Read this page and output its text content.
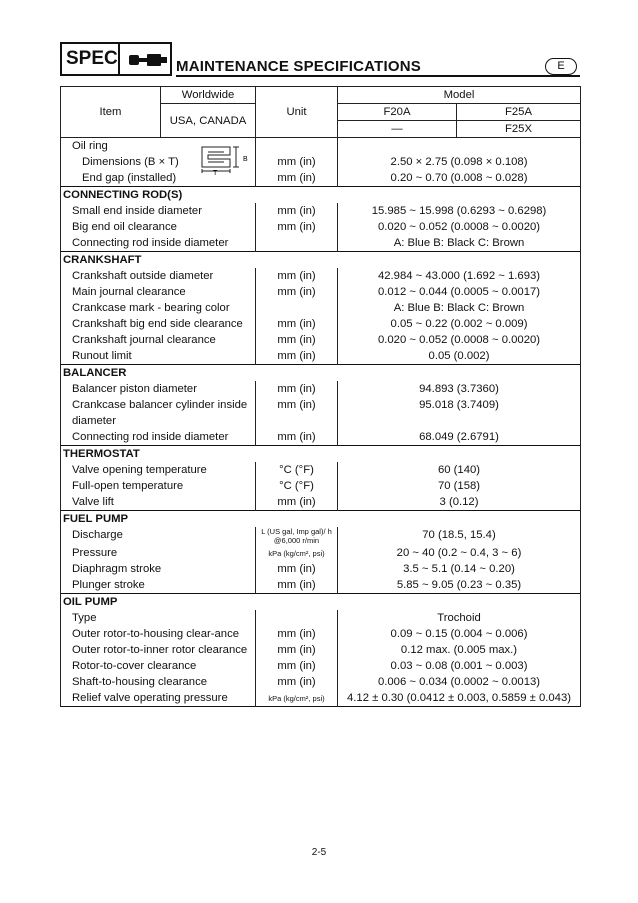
SPEC	MAINTENANCE SPECIFICATIONS	E
Item	Worldwide	Unit	Model	
	USA, CANADA		F20A	F25A
			—	F25X
Oil ring				
Dimensions (B × T)		mm (in)	2.50 × 2.75 (0.098 × 0.108)	
End gap (installed)		mm (in)	0.20 ~ 0.70 (0.008 ~ 0.028)	
CONNECTING ROD(S)				
Small end inside diameter		mm (in)	15.985 ~ 15.998 (0.6293 ~ 0.6298)	
Big end oil clearance		mm (in)	0.020 ~ 0.052 (0.0008 ~ 0.0020)	
Connecting rod inside diameter			A: Blue B: Black C: Brown	
CRANKSHAFT				
Crankshaft outside diameter		mm (in)	42.984 ~ 43.000 (1.692 ~ 1.693)	
Main journal clearance		mm (in)	0.012 ~ 0.044 (0.0005 ~ 0.0017)	
Crankcase mark - bearing color			A: Blue B: Black C: Brown	
Crankshaft big end side clearance		mm (in)	0.05 ~ 0.22 (0.002 ~ 0.009)	
Crankshaft journal clearance		mm (in)	0.020 ~ 0.052 (0.0008 ~ 0.0020)	
Runout limit		mm (in)	0.05 (0.002)	
BALANCER				
Balancer piston diameter		mm (in)	94.893 (3.7360)	
Crankcase balancer cylinder inside diameter		mm (in)	95.018 (3.7409)	
Connecting rod inside diameter		mm (in)	68.049 (2.6791)	
THERMOSTAT				
Valve opening temperature		°C (°F)	60 (140)	
Full-open temperature		°C (°F)	70 (158)	
Valve lift		mm (in)	3 (0.12)	
FUEL PUMP				
Discharge		L (US gal, Imp gal)/ h @6,000 r/min	70 (18.5, 15.4)	
Pressure		kPa (kg/cm², psi)	20 ~ 40 (0.2 ~ 0.4, 3 ~ 6)	
Diaphragm stroke		mm (in)	3.5 ~ 5.1 (0.14 ~ 0.20)	
Plunger stroke		mm (in)	5.85 ~ 9.05 (0.23 ~ 0.35)	
OIL PUMP				
Type			Trochoid	
Outer rotor-to-housing clear-ance		mm (in)	0.09 ~ 0.15 (0.004 ~ 0.006)	
Outer rotor-to-inner rotor clearance		mm (in)	0.12 max. (0.005 max.)	
Rotor-to-cover clearance		mm (in)	0.03 ~ 0.08 (0.001 ~ 0.003)	
Shaft-to-housing clearance		mm (in)	0.006 ~ 0.034 (0.0002 ~ 0.0013)	
Relief valve operating pressure		kPa (kg/cm², psi)	4.12 ± 0.30 (0.0412 ± 0.003, 0.5859 ± 0.043)	
B
T
2-5
